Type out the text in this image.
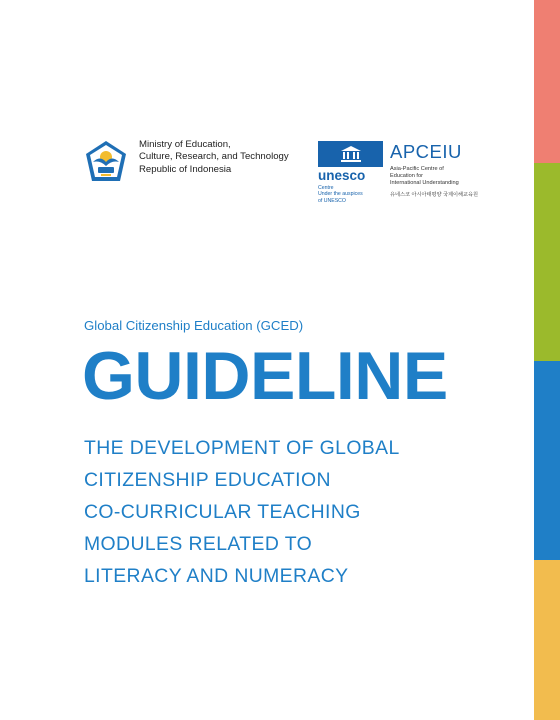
Ministry of Education,
Culture, Research, and Technology
Republic of Indonesia	unesco
Centre
Under the auspices
of UNESCO
APCEIU
Asia-Pacific Centre of
Education for
International Understanding
유네스코 아시아태평양 국제이해교육원
Global Citizenship Education (GCED)
GUIDELINE
THE DEVELOPMENT OF GLOBAL
CITIZENSHIP EDUCATION
CO-CURRICULAR TEACHING
MODULES RELATED TO
LITERACY AND NUMERACY
